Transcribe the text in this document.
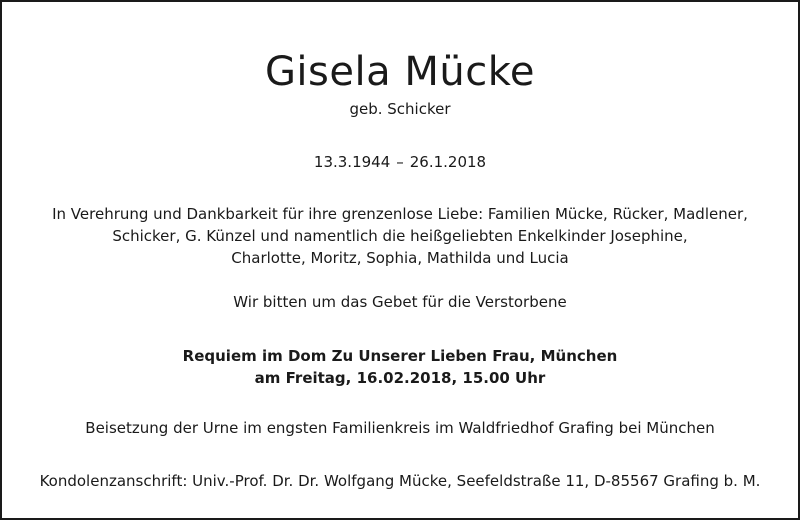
Gisela Mücke

geb. Schicker

13.3.1944 – 26.1.2018

In Verehrung und Dankbarkeit für ihre grenzenlose Liebe: Familien Mücke, Rücker, Madlener,
Schicker, G. Künzel und namentlich die heißgeliebten Enkelkinder Josephine,
Charlotte, Moritz, Sophia, Mathilda und Lucia

Wir bitten um das Gebet für die Verstorbene

Requiem im Dom Zu Unserer Lieben Frau, München
am Freitag, 16.02.2018, 15.00 Uhr

Beisetzung der Urne im engsten Familienkreis im Waldfriedhof Grafing bei München

Kondolenzanschrift: Univ.-Prof. Dr. Dr. Wolfgang Mücke, Seefeldstraße 11, D-85567 Grafing b. M.
